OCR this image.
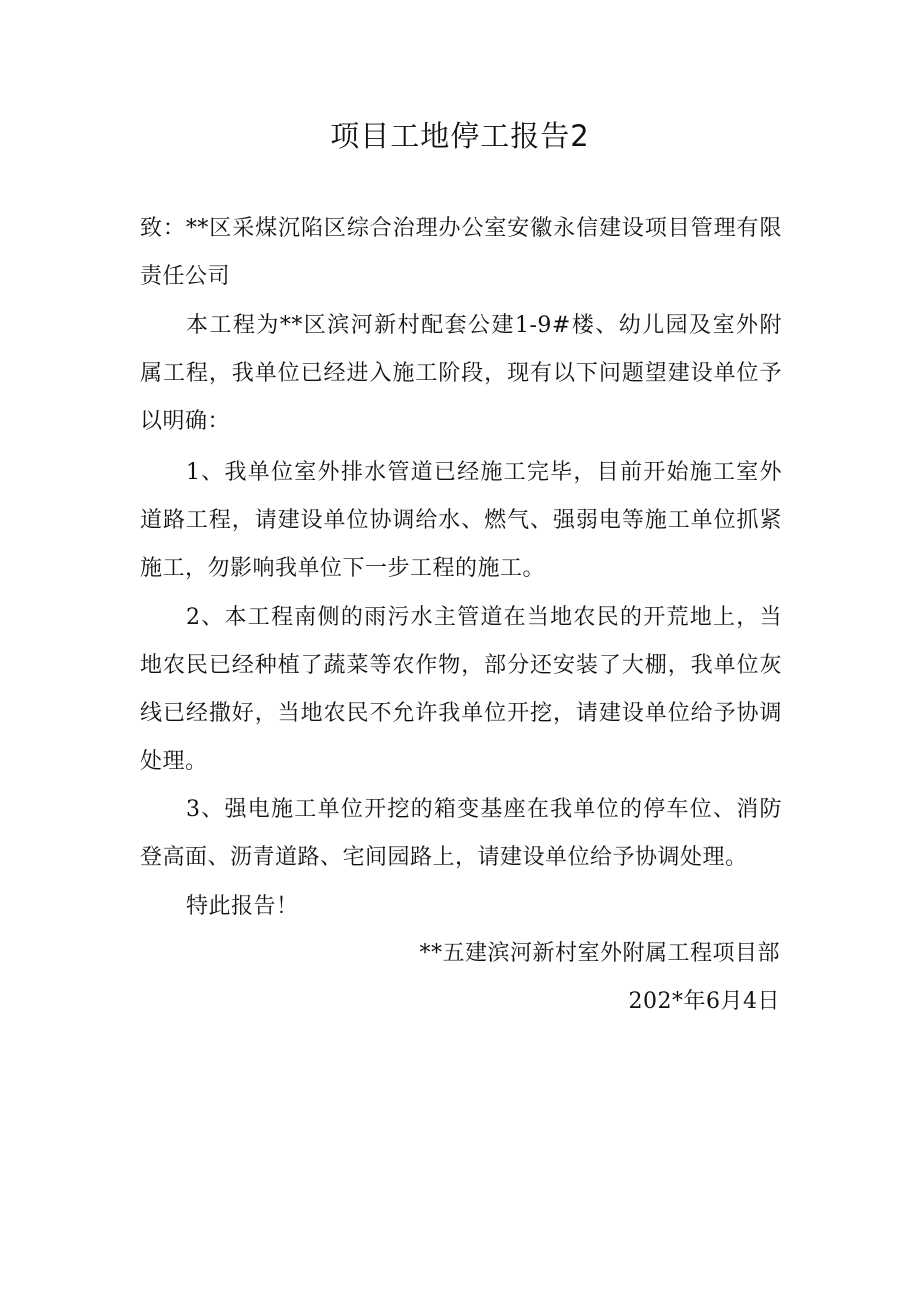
项目工地停工报告2

致：**区采煤沉陷区综合治理办公室安徽永信建设项目管理有限责任公司

本工程为**区滨河新村配套公建1-9#楼、幼儿园及室外附属工程，我单位已经进入施工阶段，现有以下问题望建设单位予以明确：

1、我单位室外排水管道已经施工完毕，目前开始施工室外道路工程，请建设单位协调给水、燃气、强弱电等施工单位抓紧施工，勿影响我单位下一步工程的施工。

2、本工程南侧的雨污水主管道在当地农民的开荒地上，当地农民已经种植了蔬菜等农作物，部分还安装了大棚，我单位灰线已经撒好，当地农民不允许我单位开挖，请建设单位给予协调处理。

3、强电施工单位开挖的箱变基座在我单位的停车位、消防登高面、沥青道路、宅间园路上，请建设单位给予协调处理。

特此报告！

**五建滨河新村室外附属工程项目部

202*年6月4日
